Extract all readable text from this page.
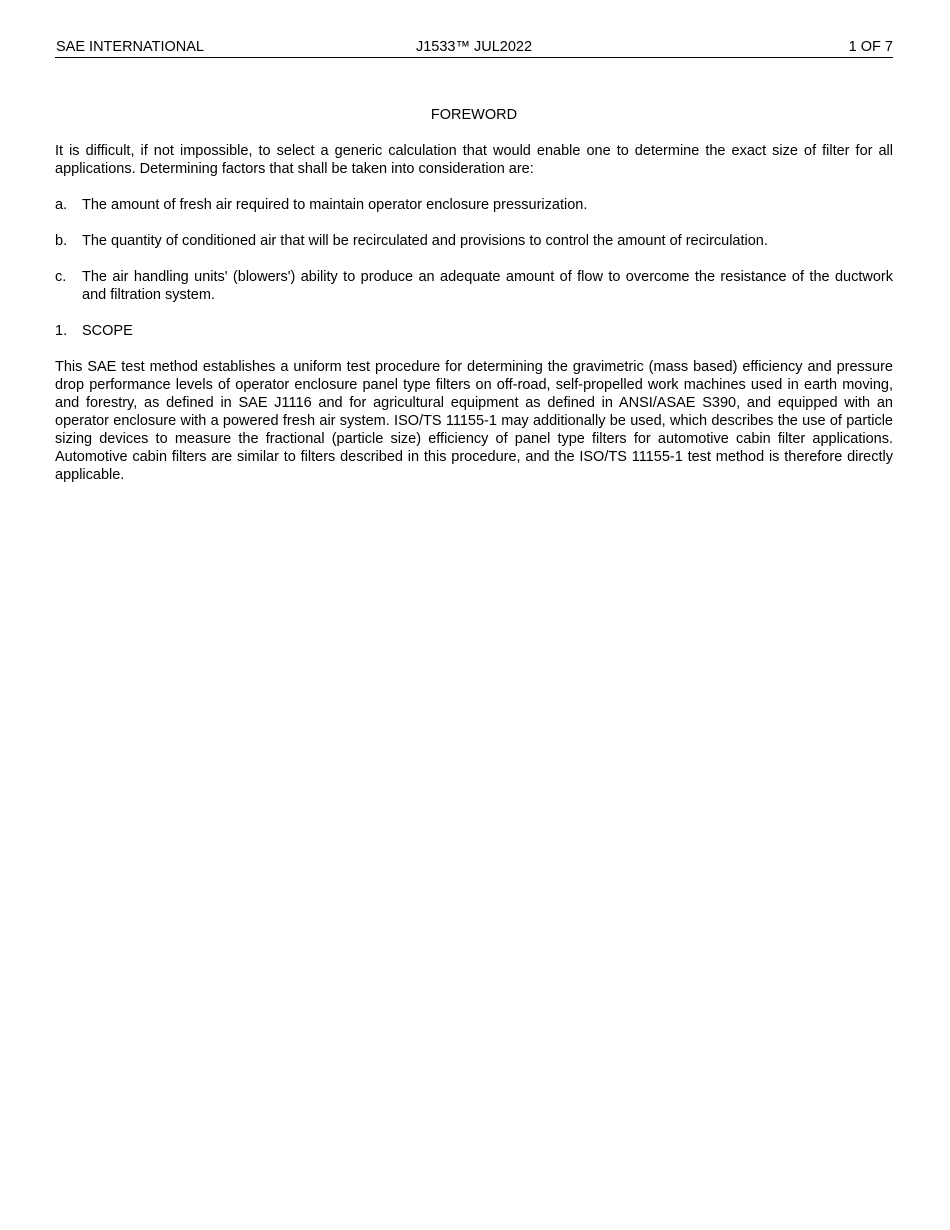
SAE INTERNATIONAL	J1533™ JUL2022	1 OF 7
FOREWORD

It is difficult, if not impossible, to select a generic calculation that would enable one to determine the exact size of filter for all applications. Determining factors that shall be taken into consideration are:

a.	The amount of fresh air required to maintain operator enclosure pressurization.
b.	The quantity of conditioned air that will be recirculated and provisions to control the amount of recirculation.
c.	The air handling units' (blowers') ability to produce an adequate amount of flow to overcome the resistance of the ductwork and filtration system.
1.	SCOPE

This SAE test method establishes a uniform test procedure for determining the gravimetric (mass based) efficiency and pressure drop performance levels of operator enclosure panel type filters on off-road, self-propelled work machines used in earth moving, and forestry, as defined in SAE J1116 and for agricultural equipment as defined in ANSI/ASAE S390, and equipped with an operator enclosure with a powered fresh air system. ISO/TS 11155-1 may additionally be used, which describes the use of particle sizing devices to measure the fractional (particle size) efficiency of panel type filters for automotive cabin filter applications. Automotive cabin filters are similar to filters described in this procedure, and the ISO/TS 11155-1 test method is therefore directly applicable.
